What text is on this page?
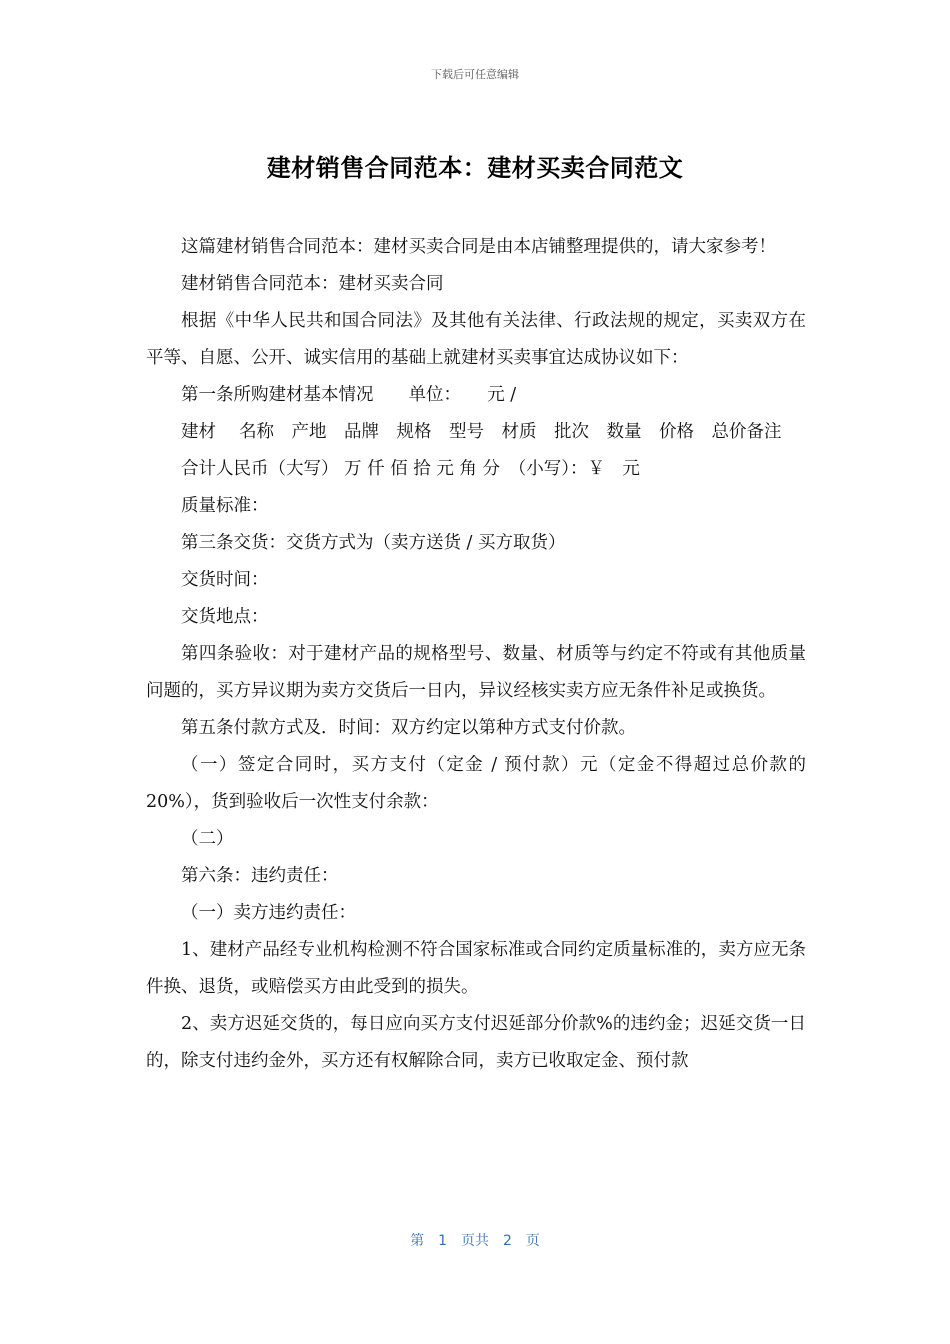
下载后可任意编辑
建材销售合同范本：建材买卖合同范文

这篇建材销售合同范本：建材买卖合同是由本店铺整理提供的，请大家参考！

建材销售合同范本：建材买卖合同

根据《中华人民共和国合同法》及其他有关法律、行政法规的规定，买卖双方在平等、自愿、公开、诚实信用的基础上就建材买卖事宜达成协议如下：

第一条所购建材基本情况　　单位：　　元 /

建材　 名称　产地　品牌　规格　型号　材质　批次　数量　价格　总价备注

合计人民币（大写） 万 仟 佰 拾 元 角 分　（小写）：￥　元

质量标准：

第三条交货：交货方式为（卖方送货 / 买方取货）

交货时间：

交货地点：

第四条验收：对于建材产品的规格型号、数量、材质等与约定不符或有其他质量问题的，买方异议期为卖方交货后一日内，异议经核实卖方应无条件补足或换货。

第五条付款方式及．时间：双方约定以第种方式支付价款。

（一）签定合同时，买方支付（定金 / 预付款）元（定金不得超过总价款的 20%），货到验收后一次性支付余款：

（二）

第六条：违约责任：

（一）卖方违约责任：

1、建材产品经专业机构检测不符合国家标准或合同约定质量标准的，卖方应无条件换、退货，或赔偿买方由此受到的损失。

2、卖方迟延交货的，每日应向买方支付迟延部分价款%的违约金；迟延交货一日的，除支付违约金外，买方还有权解除合同，卖方已收取定金、预付款

第 1 页共 2 页
